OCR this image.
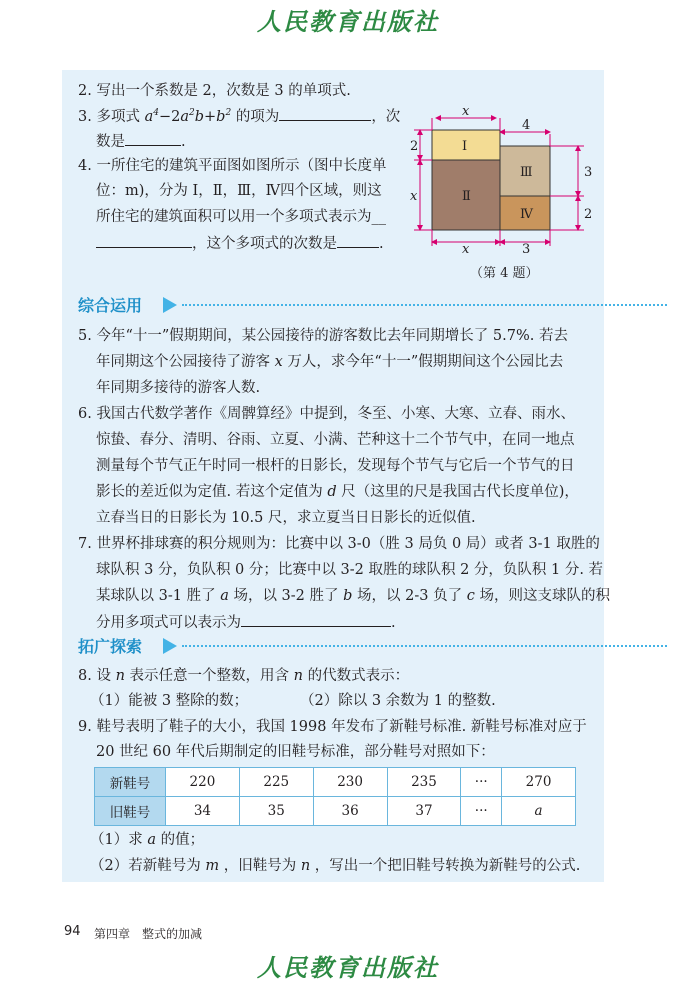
人民教育出版社
2. 写出一个系数是 2，次数是 3 的单项式.
3. 多项式 $a^4-2a^2b+b^2$ 的项为	，次
数是	.
4. 一所住宅的建筑平面图如图所示（图中长度单
位：m)，分为 Ⅰ，Ⅱ，Ⅲ，Ⅳ四个区域，则这
所住宅的建筑面积可以用一个多项式表示为__
，这个多项式的次数是	.
x
4
2
x
3
2
x	3
Ⅰ
Ⅱ
Ⅲ
Ⅳ
（第 4 题）
综合运用
5. 今年“十一”假期期间，某公园接待的游客数比去年同期增长了 5.7%. 若去
年同期这个公园接待了游客 x 万人，求今年“十一”假期期间这个公园比去
年同期多接待的游客人数.
6. 我国古代数学著作《周髀算经》中提到，冬至、小寒、大寒、立春、雨水、
惊蛰、春分、清明、谷雨、立夏、小满、芒种这十二个节气中，在同一地点
测量每个节气正午时同一根杆的日影长，发现每个节气与它后一个节气的日
影长的差近似为定值. 若这个定值为 d 尺（这里的尺是我国古代长度单位)，
立春当日的日影长为 10.5 尺，求立夏当日日影长的近似值.
7. 世界杯排球赛的积分规则为：比赛中以 3-0（胜 3 局负 0 局）或者 3-1 取胜的
球队积 3 分，负队积 0 分；比赛中以 3-2 取胜的球队积 2 分，负队积 1 分. 若
某球队以 3-1 胜了 a 场，以 3-2 胜了 b 场，以 2-3 负了 c 场，则这支球队的积
分用多项式可以表示为	.
拓广探索
8. 设 n 表示任意一个整数，用含 n 的代数式表示：
（1）能被 3 整除的数；	（2）除以 3 余数为 1 的整数.
9. 鞋号表明了鞋子的大小，我国 1998 年发布了新鞋号标准. 新鞋号标准对应于
20 世纪 60 年代后期制定的旧鞋号标准，部分鞋号对照如下：
新鞋号	220	225	230	235	···	270
旧鞋号	34	35	36	37	···	a
（1）求 a 的值；
（2）若新鞋号为 m ，旧鞋号为 n ，写出一个把旧鞋号转换为新鞋号的公式.
94 第四章　整式的加减
人民教育出版社
